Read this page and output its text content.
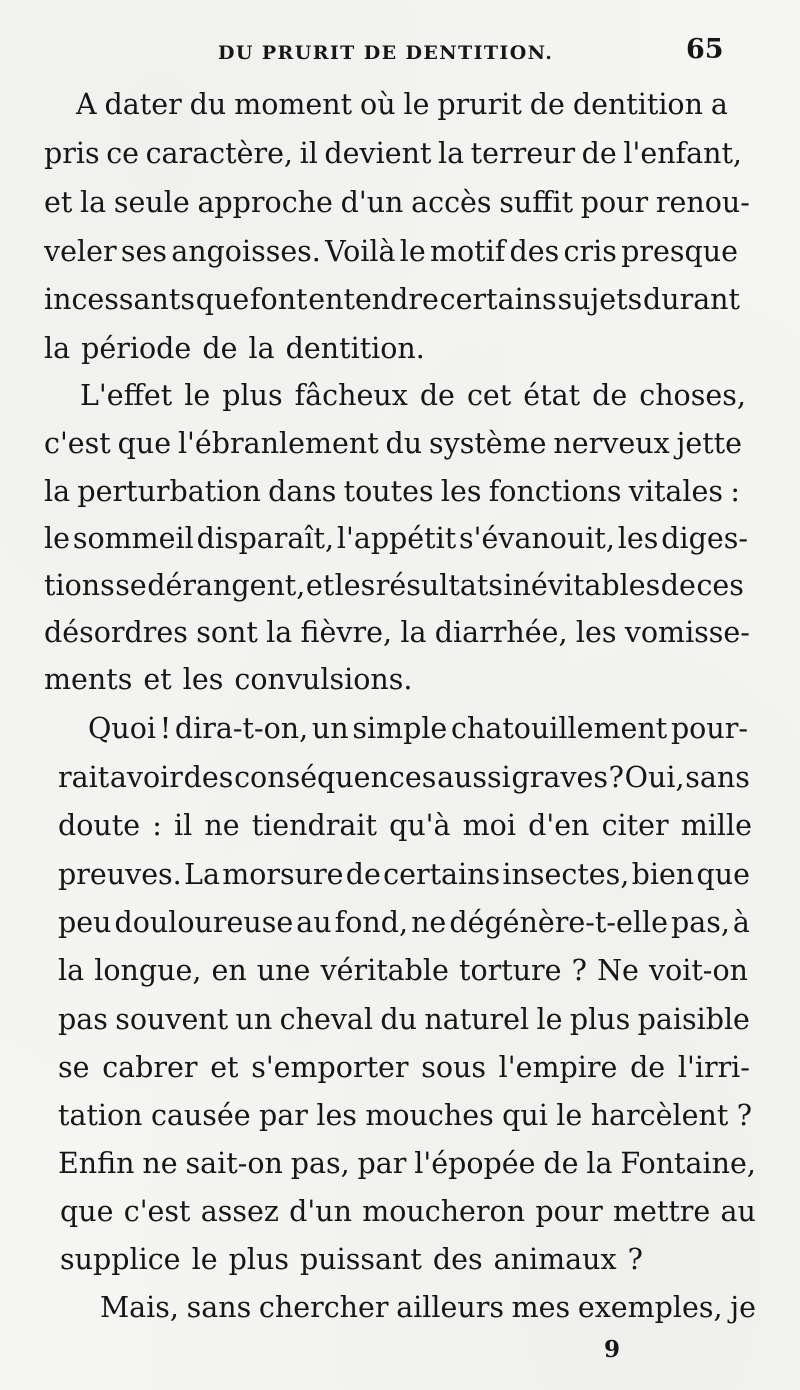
DU PRURIT DE DENTITION.	65
A dater du moment où le prurit de dentition a
pris ce caractère, il devient la terreur de l'enfant,
et la seule approche d'un accès suffit pour renou-
veler ses angoisses. Voilà le motif des cris presque
incessants que font entendre certains sujets durant
la période de la dentition.
L'effet le plus fâcheux de cet état de choses,
c'est que l'ébranlement du système nerveux jette
la perturbation dans toutes les fonctions vitales :
le sommeil disparaît, l'appétit s'évanouit, les diges-
tions se dérangent, et les résultats inévitables de ces
désordres sont la fièvre, la diarrhée, les vomisse-
ments et les convulsions.
Quoi ! dira-t-on, un simple chatouillement pour-
rait avoir des conséquences aussi graves ? Oui, sans
doute : il ne tiendrait qu'à moi d'en citer mille
preuves. La morsure de certains insectes, bien que
peu douloureuse au fond, ne dégénère-t-elle pas, à
la longue, en une véritable torture ? Ne voit-on
pas souvent un cheval du naturel le plus paisible
se cabrer et s'emporter sous l'empire de l'irri-
tation causée par les mouches qui le harcèlent ?
Enfin ne sait-on pas, par l'épopée de la Fontaine,
que c'est assez d'un moucheron pour mettre au
supplice le plus puissant des animaux ?
Mais, sans chercher ailleurs mes exemples, je
9
